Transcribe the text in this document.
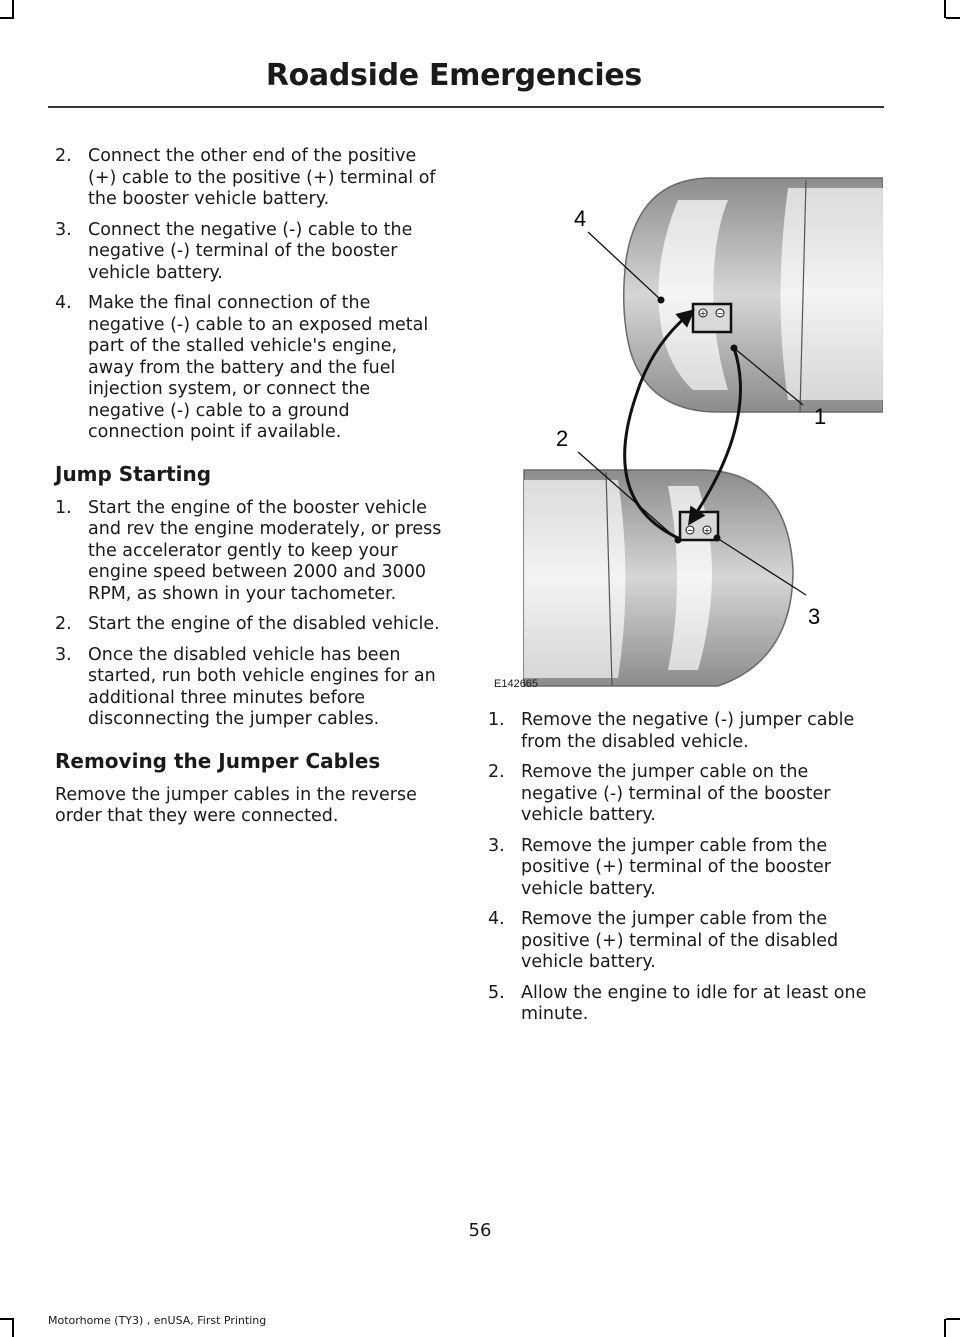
Roadside Emergencies
2. Connect the other end of the positive (+) cable to the positive (+) terminal of the booster vehicle battery.
3. Connect the negative (-) cable to the negative (-) terminal of the booster vehicle battery.
4. Make the final connection of the negative (-) cable to an exposed metal part of the stalled vehicle's engine, away from the battery and the fuel injection system, or connect the negative (-) cable to a ground connection point if available.
Jump Starting
1. Start the engine of the booster vehicle and rev the engine moderately, or press the accelerator gently to keep your engine speed between 2000 and 3000 RPM, as shown in your tachometer.
2. Start the engine of the disabled vehicle.
3. Once the disabled vehicle has been started, run both vehicle engines for an additional three minutes before disconnecting the jumper cables.
Removing the Jumper Cables

Remove the jumper cables in the reverse order that they were connected.

+ −
− +
1
2
3
4
E142665
1. Remove the negative (-) jumper cable from the disabled vehicle.
2. Remove the jumper cable on the negative (-) terminal of the booster vehicle battery.
3. Remove the jumper cable from the positive (+) terminal of the booster vehicle battery.
4. Remove the jumper cable from the positive (+) terminal of the disabled vehicle battery.
5. Allow the engine to idle for at least one minute.
56
Motorhome (TY3) , enUSA, First Printing
